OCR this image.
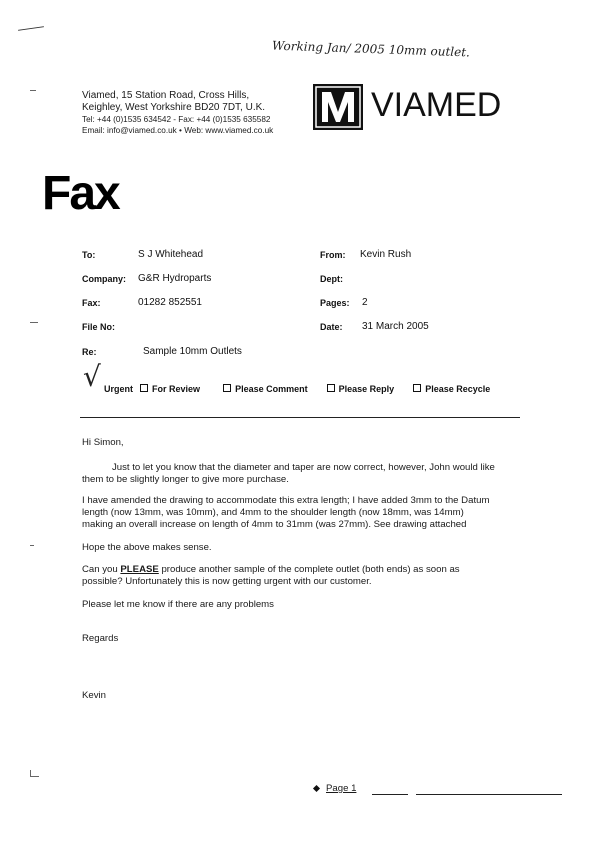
Working Jan/ 2005 10mm outlet.
Viamed, 15 Station Road, Cross Hills,
Keighley, West Yorkshire BD20 7DT, U.K.
Tel: +44 (0)1535 634542 - Fax: +44 (0)1535 635582
Email: info@viamed.co.uk • Web: www.viamed.co.uk
VIAMED
Fax
To:	S J Whitehead
Company: G&R Hydroparts
Fax:	01282 852551
File No:
Re:	Sample 10mm Outlets
From: Kevin Rush
Dept:
Pages: 2
Date: 31 March 2005
√ Urgent For Review	Please Comment	Please Reply	Please Recycle
Hi Simon,
Just to let you know that the diameter and taper are now correct, however, John would like
them to be slightly longer to give more purchase.
I have amended the drawing to accommodate this extra length; I have added 3mm to the Datum
length (now 13mm, was 10mm), and 4mm to the shoulder length (now 18mm, was 14mm)
making an overall increase on length of 4mm to 31mm (was 27mm). See drawing attached
Hope the above makes sense.
Can you PLEASE produce another sample of the complete outlet (both ends) as soon as
possible? Unfortunately this is now getting urgent with our customer.
Please let me know if there are any problems
Regards
Kevin
Page 1
